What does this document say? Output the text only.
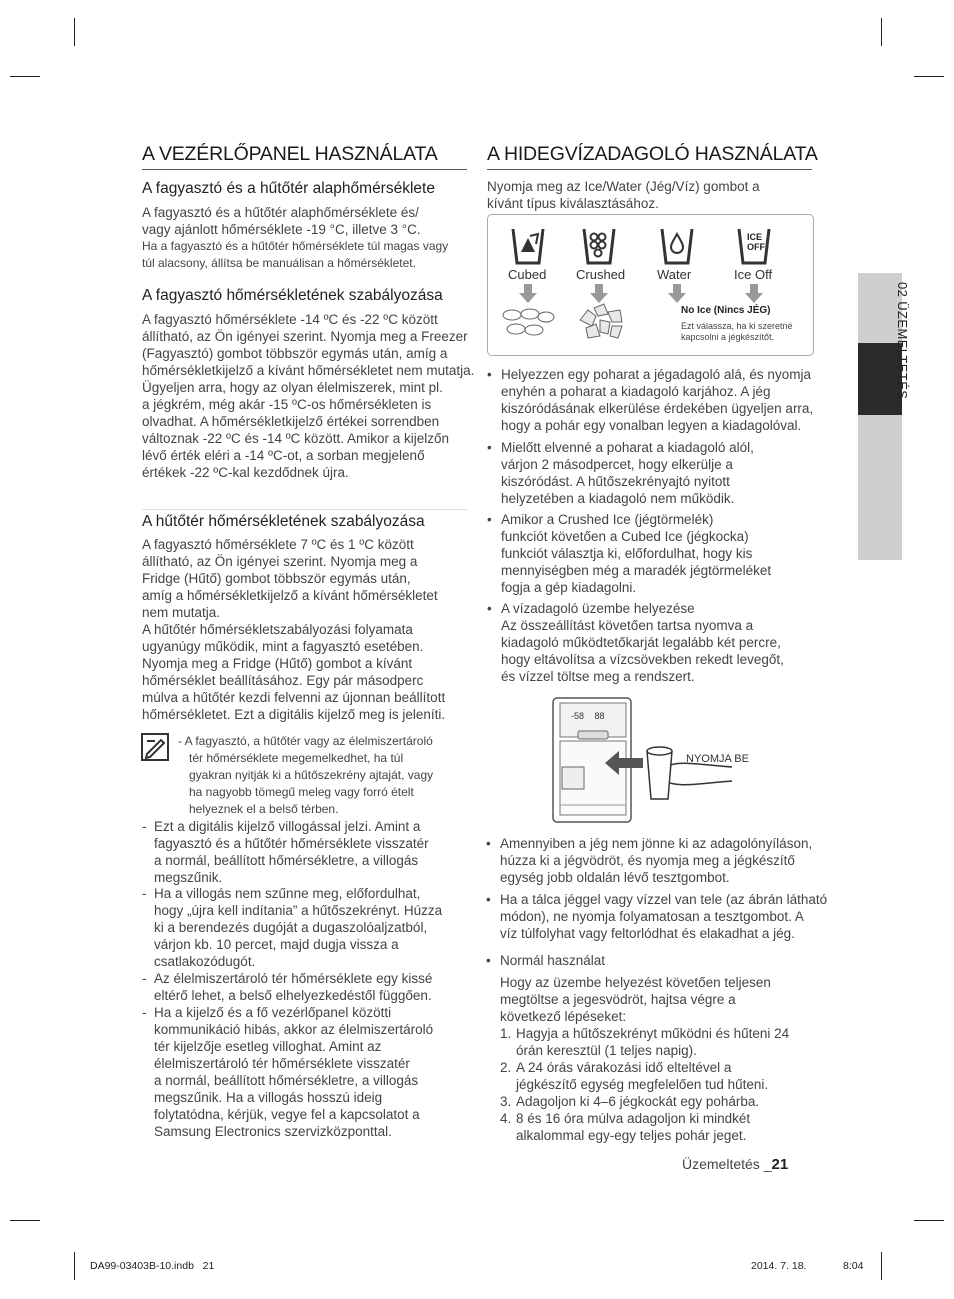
02 ÜZEMELTETÉS
A VEZÉRLŐPANEL HASZNÁLATA
A fagyasztó és a hűtőtér alaphőmérséklete
A fagyasztó és a hűtőtér alaphőmérséklete és/
vagy ajánlott hőmérséklete -19 °C, illetve 3 °C.
Ha a fagyasztó és a hűtőtér hőmérséklete túl magas vagy
túl alacsony, állítsa be manuálisan a hőmérsékletet.
A fagyasztó hőmérsékletének szabályozása
A fagyasztó hőmérséklete -14 ºC és -22 ºC között
állítható, az Ön igényei szerint. Nyomja meg a Freezer
(Fagyasztó) gombot többször egymás után, amíg a
hőmérsékletkijelző a kívánt hőmérsékletet nem mutatja.
Ügyeljen arra, hogy az olyan élelmiszerek, mint pl.
a jégkrém, még akár -15 ºC-os hőmérsékleten is
olvadhat. A hőmérsékletkijelző értékei sorrendben
változnak -22 ºC és -14 ºC között. Amikor a kijelzőn
lévő érték eléri a -14 ºC-ot, a sorban megjelenő
értékek -22 ºC-kal kezdődnek újra.
A hűtőtér hőmérsékletének szabályozása
A fagyasztó hőmérséklete 7 ºC és 1 ºC között
állítható, az Ön igényei szerint. Nyomja meg a
Fridge (Hűtő) gombot többször egymás után,
amíg a hőmérsékletkijelző a kívánt hőmérsékletet
nem mutatja.
A hűtőtér hőmérsékletszabályozási folyamata
ugyanúgy működik, mint a fagyasztó esetében.
Nyomja meg a Fridge (Hűtő) gombot a kívánt
hőmérséklet beállításához. Egy pár másodperc
múlva a hűtőtér kezdi felvenni az újonnan beállított
hőmérsékletet. Ezt a digitális kijelző meg is jeleníti.
- A fagyasztó, a hűtőtér vagy az élelmiszertároló
tér hőmérséklete megemelkedhet, ha túl
gyakran nyitják ki a hűtőszekrény ajtaját, vagy
ha nagyobb tömegű meleg vagy forró ételt
helyeznek el a belső térben.
- Ezt a digitális kijelző villogással jelzi. Amint a
fagyasztó és a hűtőtér hőmérséklete visszatér
a normál, beállított hőmérsékletre, a villogás
megszűnik.
- Ha a villogás nem szűnne meg, előfordulhat,
hogy „újra kell indítania” a hűtőszekrényt. Húzza
ki a berendezés dugóját a dugaszolóaljzatból,
várjon kb. 10 percet, majd dugja vissza a
csatlakozódugót.
- Az élelmiszertároló tér hőmérséklete egy kissé
eltérő lehet, a belső elhelyezkedéstől függően.
- Ha a kijelző és a fő vezérlőpanel közötti
kommunikáció hibás, akkor az élelmiszertároló
tér kijelzője esetleg villoghat. Amint az
élelmiszertároló tér hőmérséklete visszatér
a normál, beállított hőmérsékletre, a villogás
megszűnik. Ha a villogás hosszú ideig
folytatódna, kérjük, vegye fel a kapcsolatot a
Samsung Electronics szervizközponttal.
A HIDEGVÍZADAGOLÓ HASZNÁLATA
Nyomja meg az Ice/Water (Jég/Víz) gombot a
kívánt típus kiválasztásához.
ICE
OFF
Cubed Crushed Water	Ice Off
No Ice (Nincs JÉG)
Ezt válassza, ha ki szeretné
kapcsolni a jégkészítőt.
• Helyezzen egy poharat a jégadagoló alá, és nyomja
enyhén a poharat a kiadagoló karjához. A jég
kiszóródásának elkerülése érdekében ügyeljen arra,
hogy a pohár egy vonalban legyen a kiadagolóval.
• Mielőtt elvenné a poharat a kiadagoló alól,
várjon 2 másodpercet, hogy elkerülje a
kiszóródást. A hűtőszekrényajtó nyitott
helyzetében a kiadagoló nem működik.
• Amikor a Crushed Ice (jégtörmelék)
funkciót követően a Cubed Ice (jégkocka)
funkciót választja ki, előfordulhat, hogy kis
mennyiségben még a maradék jégtörmeléket
fogja a gép kiadagolni.
• A vízadagoló üzembe helyezése
Az összeállítást követően tartsa nyomva a
kiadagoló működtetőkarját legalább két percre,
hogy eltávolítsa a vízcsövekben rekedt levegőt,
és vízzel töltse meg a rendszert.
-58 88
NYOMJA BE
• Amennyiben a jég nem jönne ki az adagolónyíláson,
húzza ki a jégvödröt, és nyomja meg a jégkészítő
egység jobb oldalán lévő tesztgombot.
• Ha a tálca jéggel vagy vízzel van tele (az ábrán látható
módon), ne nyomja folyamatosan a tesztgombot. A
víz túlfolyhat vagy feltorlódhat és elakadhat a jég.
• Normál használat
Hogy az üzembe helyezést követően teljesen
megtöltse a jegesvödröt, hajtsa végre a
következő lépéseket:
1. Hagyja a hűtőszekrényt működni és hűteni 24
órán keresztül (1 teljes napig).
2. A 24 órás várakozási idő elteltével a
jégkészítő egység megfelelően tud hűteni.
3. Adagoljon ki 4–6 jégkockát egy pohárba.
4. 8 és 16 óra múlva adagoljon ki mindkét
alkalommal egy-egy teljes pohár jeget.
Üzemeltetés _21
DA99-03403B-10.indb   21	2014. 7. 18.	8:04
